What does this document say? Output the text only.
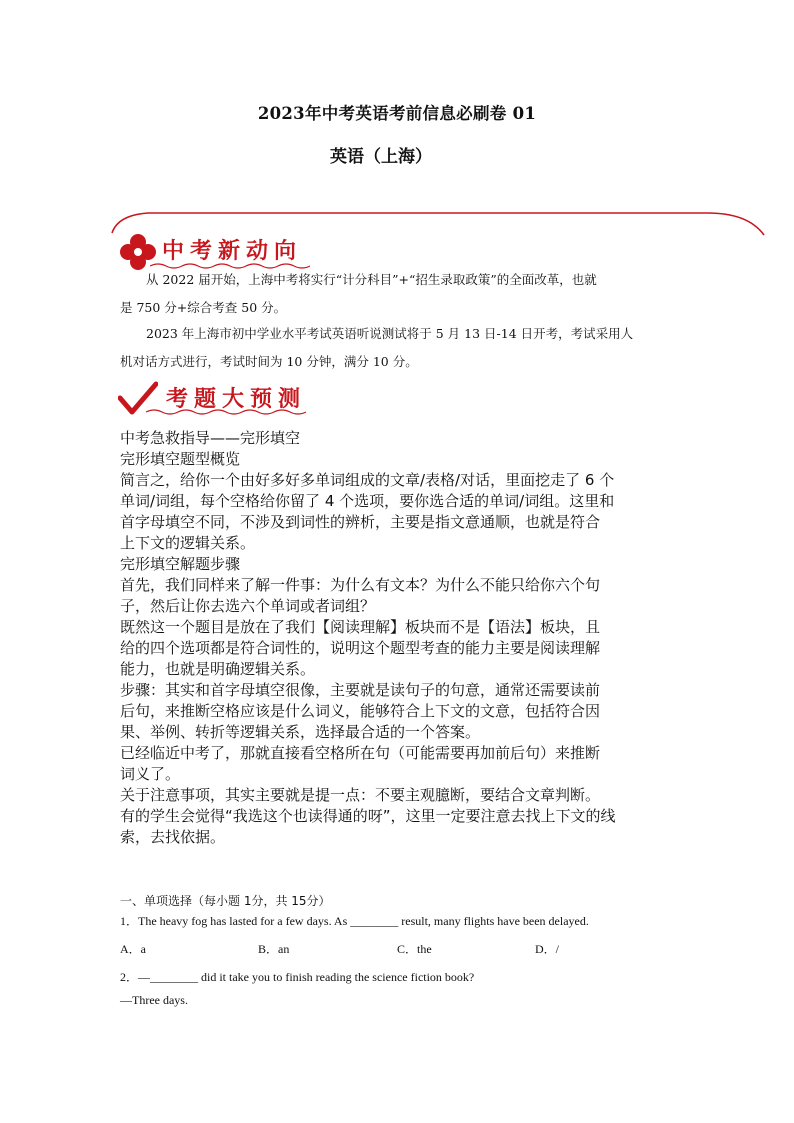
2023年中考英语考前信息必刷卷 01
英语（上海）
中考新动向
从 2022 届开始，上海中考将实行“计分科目”+“招生录取政策”的全面改革，也就
是 750 分+综合考查 50 分。
2023 年上海市初中学业水平考试英语听说测试将于 5 月 13 日-14 日开考，考试采用人
机对话方式进行，考试时间为 10 分钟，满分 10 分。
考题大预测
中考急救指导——完形填空
完形填空题型概览
简言之，给你一个由好多好多单词组成的文章/表格/对话，里面挖走了 6 个
单词/词组，每个空格给你留了 4 个选项，要你选合适的单词/词组。这里和
首字母填空不同，不涉及到词性的辨析，主要是指文意通顺，也就是符合
上下文的逻辑关系。
完形填空解题步骤
首先，我们同样来了解一件事：为什么有文本？为什么不能只给你六个句
子，然后让你去选六个单词或者词组？
既然这一个题目是放在了我们【阅读理解】板块而不是【语法】板块，且
给的四个选项都是符合词性的，说明这个题型考查的能力主要是阅读理解
能力，也就是明确逻辑关系。
步骤：其实和首字母填空很像，主要就是读句子的句意，通常还需要读前
后句，来推断空格应该是什么词义，能够符合上下文的文意，包括符合因
果、举例、转折等逻辑关系，选择最合适的一个答案。
已经临近中考了，那就直接看空格所在句（可能需要再加前后句）来推断
词义了。
关于注意事项，其实主要就是提一点：不要主观臆断，要结合文章判断。
有的学生会觉得“我选这个也读得通的呀”，这里一定要注意去找上下文的线
索，去找依据。
一、单项选择（每小题 1分，共 15分）
1．The heavy fog has lasted for a few days. As ________ result, many flights have been delayed.
A．a	B．an	C．the	D．/
2．—________ did it take you to finish reading the science fiction book?
—Three days.
